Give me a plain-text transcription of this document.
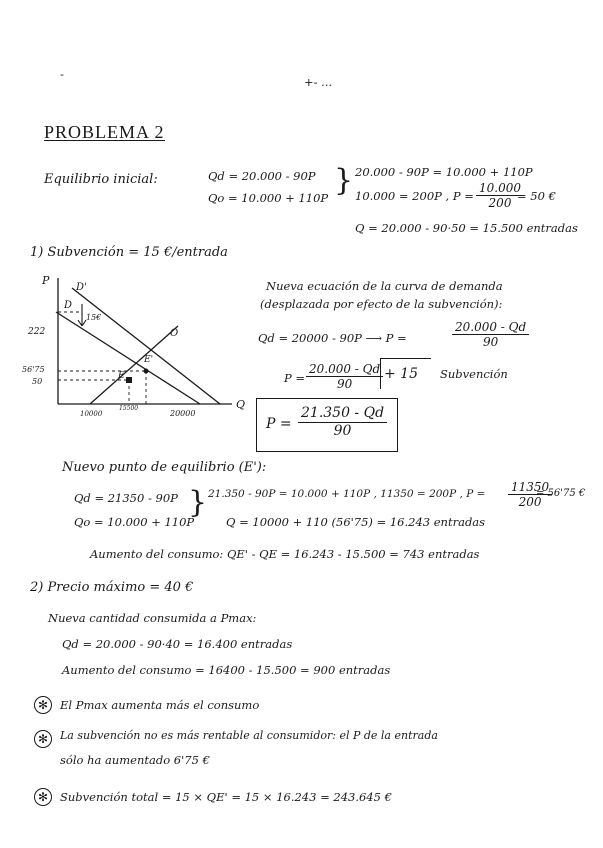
-
+- ...
PROBLEMA 2
Equilibrio inicial:	Qd = 20.000 - 90P
Qo = 10.000 + 110P } 20.000 - 90P = 10.000 + 110P
10.000 = 200P , $P = \frac{10.000}{200}$
= 50 €
Q = 20.000 - 90·50 = 15.500 entradas
1) Subvención = 15 €/entrada
P
Q
D
D'
O
E
E'
15€
222
56'75
50
10000
15500
20000
Nueva ecuación de la curva de demanda
(desplazada por efecto de la subvención):
Qd = 20000 - 90P ⟶ P =	$\frac{20.000 - Qd}{90}$
$P = \frac{20.000 - Qd}{90} + 15$ Subvención
$P = \frac{21.350 - Qd}{90}$
Nuevo punto de equilibrio (E'):
Qd = 21350 - 90P
Qo = 10.000 + 110P
} 21.350 - 90P = 10.000 + 110P , 11350 = 200P , $P = \frac{11350}{200}$
= 56'75 €
Q = 10000 + 110 (56'75) = 16.243 entradas
Aumento del consumo: QE' - QE = 16.243 - 15.500 = 743 entradas
2) Precio máximo = 40 €
Nueva cantidad consumida a Pmax:
Qd = 20.000 - 90·40 = 16.400 entradas
Aumento del consumo = 16400 - 15.500 = 900 entradas
✻	El Pmax aumenta más el consumo
✻	La subvención no es más rentable al consumidor: el P de la entrada
sólo ha aumentado 6'75 €
✻	Subvención total = 15 × QE' = 15 × 16.243 = 243.645 €
